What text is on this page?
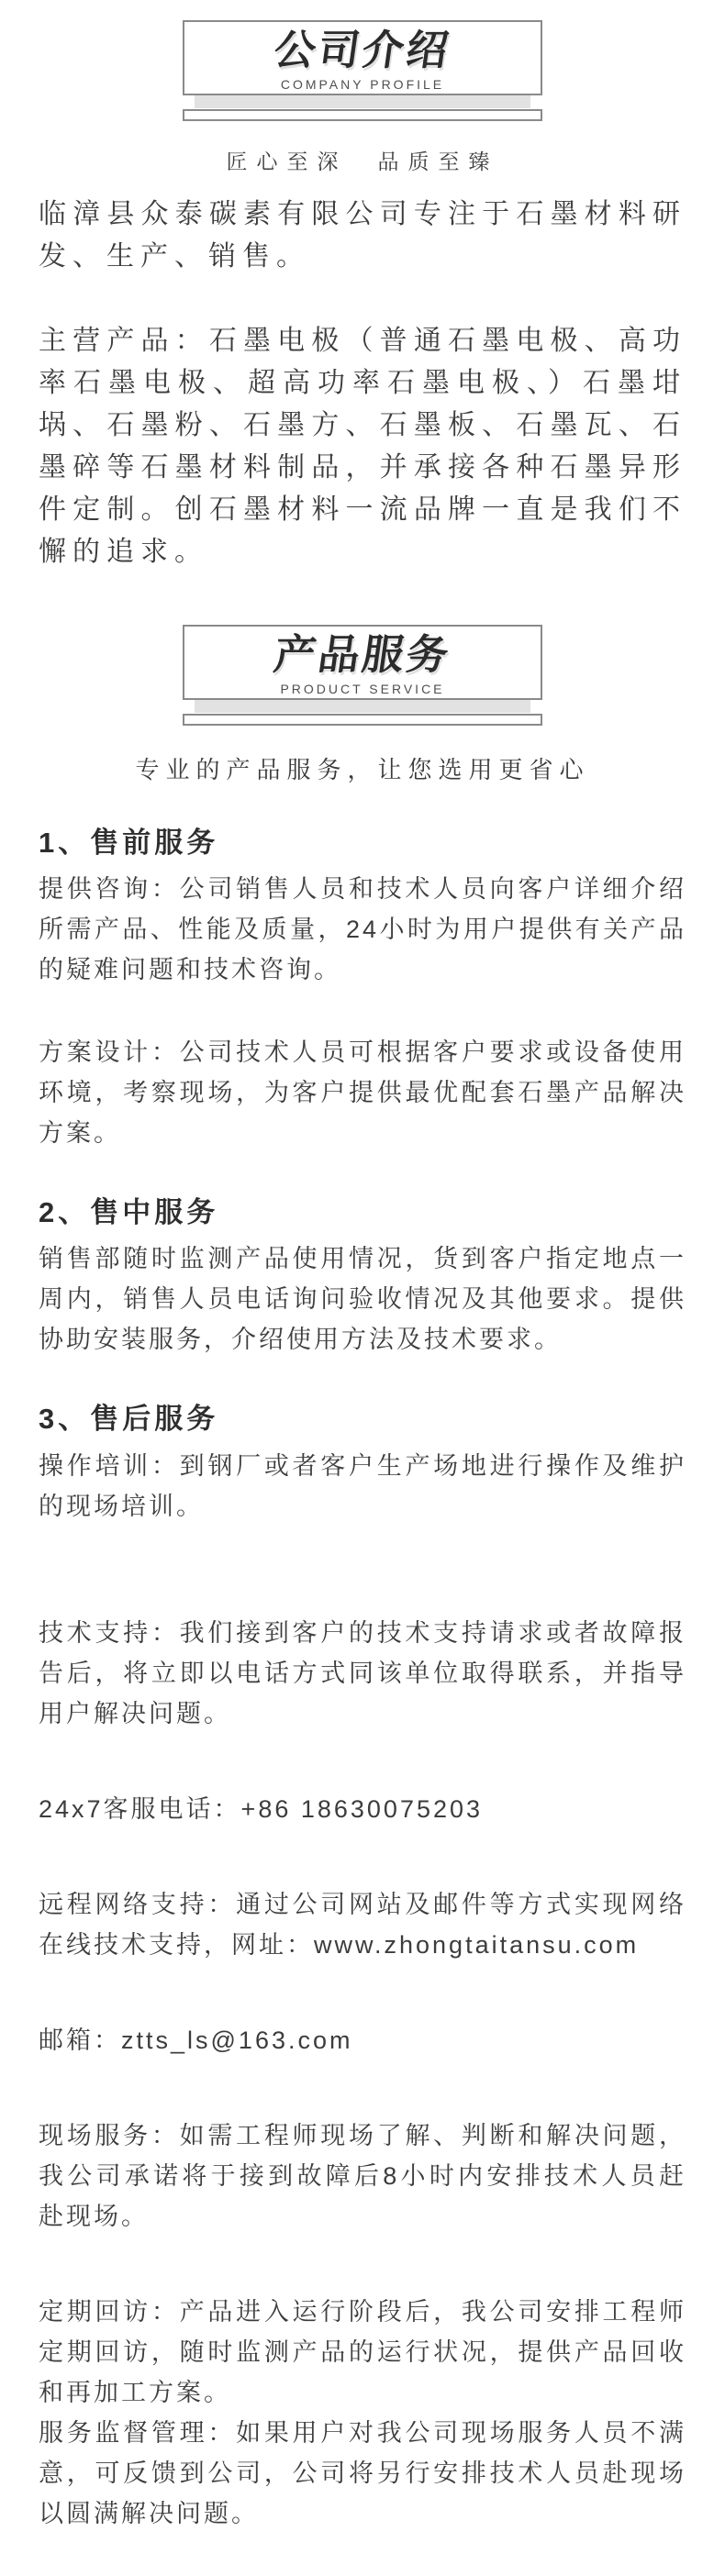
公司介绍
COMPANY PROFILE
匠心至深　品质至臻

临漳县众泰碳素有限公司专注于石墨材料研发、生产、销售。

主营产品：石墨电极（普通石墨电极、高功率石墨电极、超高功率石墨电极、）石墨坩埚、石墨粉、石墨方、石墨板、石墨瓦、石墨碎等石墨材料制品，并承接各种石墨异形件定制。创石墨材料一流品牌一直是我们不懈的追求。

产品服务
PRODUCT SERVICE
专业的产品服务，让您选用更省心
1、售前服务

提供咨询：公司销售人员和技术人员向客户详细介绍所需产品、性能及质量，24小时为用户提供有关产品的疑难问题和技术咨询。

方案设计：公司技术人员可根据客户要求或设备使用环境，考察现场，为客户提供最优配套石墨产品解决方案。

2、售中服务

销售部随时监测产品使用情况，货到客户指定地点一周内，销售人员电话询问验收情况及其他要求。提供协助安装服务，介绍使用方法及技术要求。

3、售后服务

操作培训：到钢厂或者客户生产场地进行操作及维护的现场培训。

技术支持：我们接到客户的技术支持请求或者故障报告后，将立即以电话方式同该单位取得联系，并指导用户解决问题。

24x7客服电话：+86 18630075203

远程网络支持：通过公司网站及邮件等方式实现网络在线技术支持，网址：www.zhongtaitansu.com

邮箱：ztts_ls@163.com

现场服务：如需工程师现场了解、判断和解决问题，我公司承诺将于接到故障后8小时内安排技术人员赶赴现场。

定期回访：产品进入运行阶段后，我公司安排工程师定期回访，随时监测产品的运行状况，提供产品回收和再加工方案。

服务监督管理：如果用户对我公司现场服务人员不满意，可反馈到公司，公司将另行安排技术人员赴现场以圆满解决问题。
